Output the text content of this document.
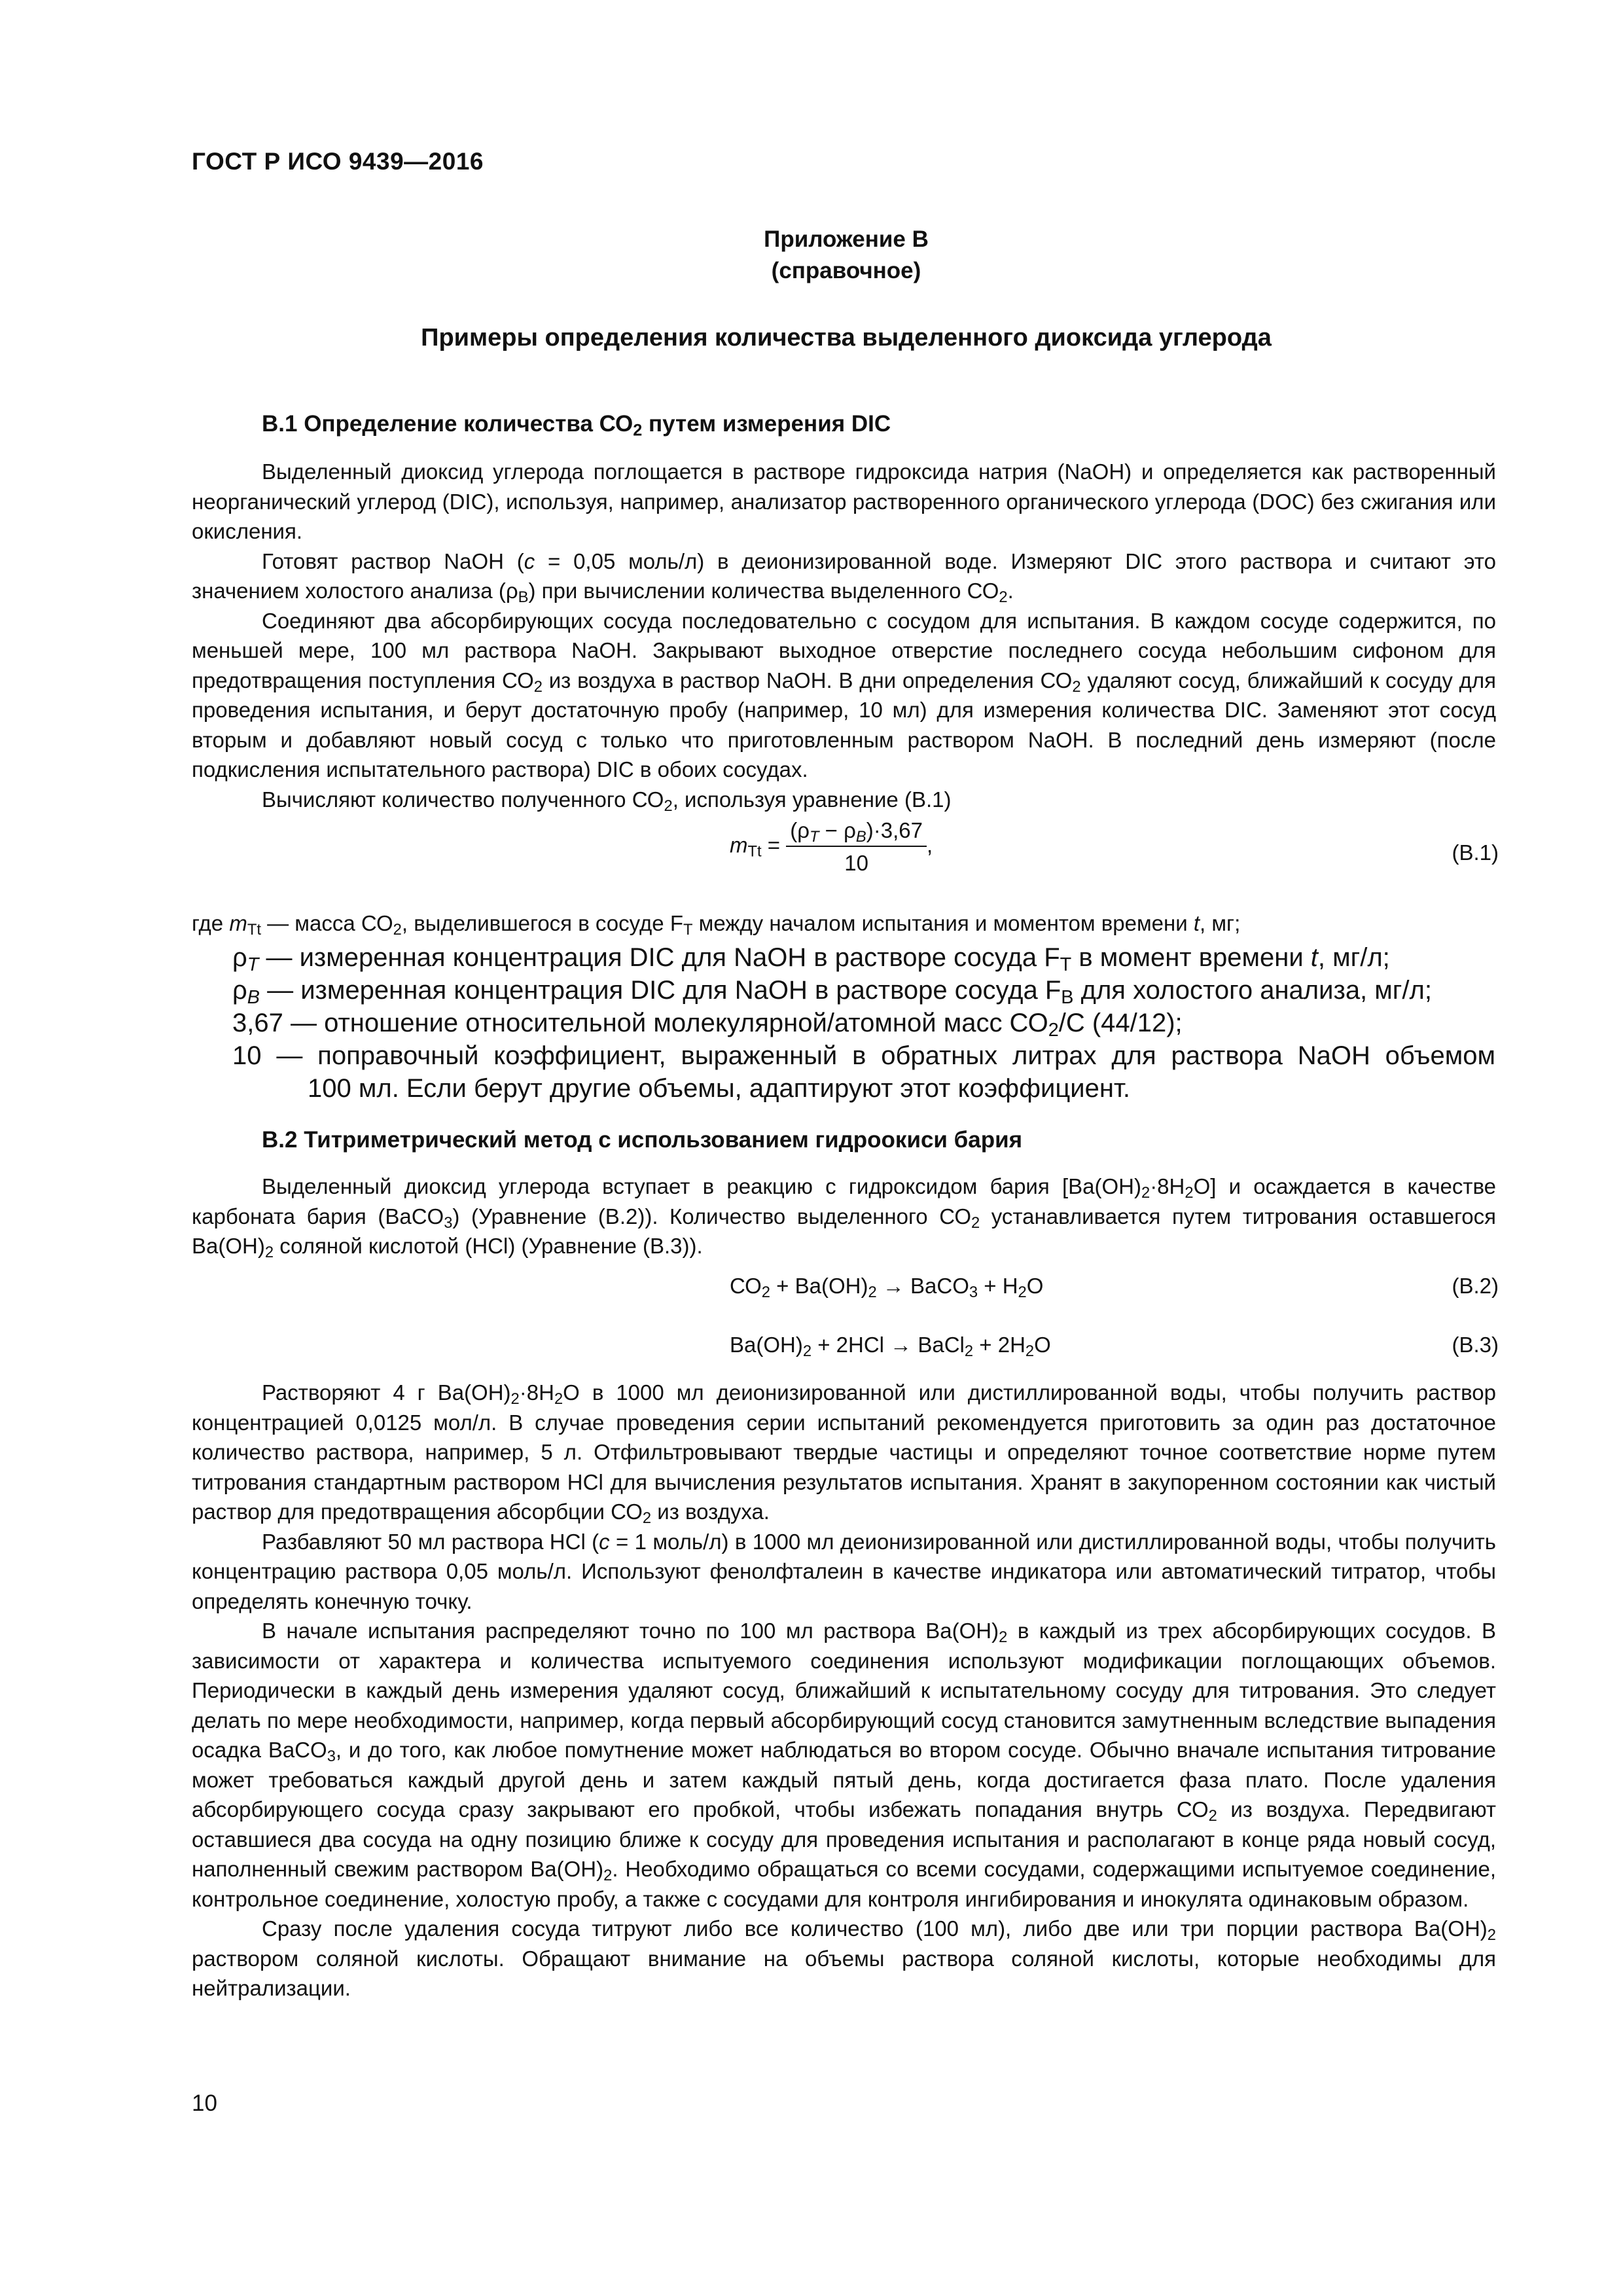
ГОСТ Р ИСО 9439—2016
Приложение В
(справочное)
Примеры определения количества выделенного диоксида углерода
В.1 Определение количества $СО_2$ путем измерения DIC

Выделенный диоксид углерода поглощается в растворе гидроксида натрия (NaOH) и определяется как растворенный неорганический углерод (DIC), используя, например, анализатор растворенного органического углерода (DOC) без сжигания или окисления.

Готовят раствор NaOH (c = 0,05 моль/л) в деионизированной воде. Измеряют DIC этого раствора и считают это значением холостого анализа $(\rho_B)$ при вычислении количества выделенного $СО_2$.

Соединяют два абсорбирующих сосуда последовательно с сосудом для испытания. В каждом сосуде содержится, по меньшей мере, 100 мл раствора NaOH. Закрывают выходное отверстие последнего сосуда небольшим сифоном для предотвращения поступления $СО_2$ из воздуха в раствор NaOH. В дни определения $СО_2$ удаляют сосуд, ближайший к сосуду для проведения испытания, и берут достаточную пробу (например, 10 мл) для измерения количества DIC. Заменяют этот сосуд вторым и добавляют новый сосуд с только что приготовленным раствором NaOH. В последний день измеряют (после подкисления испытательного раствора) DIC в обоих сосудах.

Вычисляют количество полученного $СО_2$, используя уравнение (В.1)

$m_{Tt} = \frac{(\rho_T - \rho_B)\cdot 3,67}{10}$ ,	(В.1)
где $m_{Tt}$ — масса $СО_2$, выделившегося в сосуде $F_T$ между началом испытания и моментом времени t, мг;
$\rho_T$ — измеренная концентрация DIC для NaOH в растворе сосуда $F_T$ в момент времени t, мг/л;
$\rho_B$ — измеренная концентрация DIC для NaOH в растворе сосуда $F_B$ для холостого анализа, мг/л;
3,67 — отношение относительной молекулярной/атомной масс $СО_2/С$ (44/12);
10 — поправочный коэффициент, выраженный в обратных литрах для раствора NaOH объемом
100 мл. Если берут другие объемы, адаптируют этот коэффициент.
В.2 Титриметрический метод с использованием гидроокиси бария

Выделенный диоксид углерода вступает в реакцию с гидроксидом бария $[Ba(OH)_2\cdot 8H_2O]$ и осаждается в качестве карбоната бария (BaCO$_3$) (Уравнение (В.2)). Количество выделенного $СО_2$ устанавливается путем титрования оставшегося $Ba(OH)_2$ соляной кислотой (HCl) (Уравнение (В.3)).

$СО_2 + Ba(OH)_2$ → BaCO$_3$ + $H_2O$	(В.2)
$Ba(OH)_2 + 2HCl$ → BaCl$_2$ + $2H_2O$	(В.3)

Растворяют 4 г $Ba(OH)_2\cdot 8H_2O$ в 1000 мл деионизированной или дистиллированной воды, чтобы получить раствор концентрацией 0,0125 мол/л. В случае проведения серии испытаний рекомендуется приготовить за один раз достаточное количество раствора, например, 5 л. Отфильтровывают твердые частицы и определяют точное соответствие норме путем титрования стандартным раствором HCl для вычисления результатов испытания. Хранят в закупоренном состоянии как чистый раствор для предотвращения абсорбции $СО_2$ из воздуха.

Разбавляют 50 мл раствора HCl (c = 1 моль/л) в 1000 мл деионизированной или дистиллированной воды, чтобы получить концентрацию раствора 0,05 моль/л. Используют фенолфталеин в качестве индикатора или автоматический титратор, чтобы определять конечную точку.

В начале испытания распределяют точно по 100 мл раствора $Ba(OH)_2$ в каждый из трех абсорбирующих сосудов. В зависимости от характера и количества испытуемого соединения используют модификации поглощающих объемов. Периодически в каждый день измерения удаляют сосуд, ближайший к испытательному сосуду для титрования. Это следует делать по мере необходимости, например, когда первый абсорбирующий сосуд становится замутненным вследствие выпадения осадка BaCO$_3$, и до того, как любое помутнение может наблюдаться во втором сосуде. Обычно вначале испытания титрование может требоваться каждый другой день и затем каждый пятый день, когда достигается фаза плато. После удаления абсорбирующего сосуда сразу закрывают его пробкой, чтобы избежать попадания внутрь $СО_2$ из воздуха. Передвигают оставшиеся два сосуда на одну позицию ближе к сосуду для проведения испытания и располагают в конце ряда новый сосуд, наполненный свежим раствором $Ba(OH)_2$. Необходимо обращаться со всеми сосудами, содержащими испытуемое соединение, контрольное соединение, холостую пробу, а также с сосудами для контроля ингибирования и инокулята одинаковым образом.

Сразу после удаления сосуда титруют либо все количество (100 мл), либо две или три порции раствора $Ba(OH)_2$ раствором соляной кислоты. Обращают внимание на объемы раствора соляной кислоты, которые необходимы для нейтрализации.

10
